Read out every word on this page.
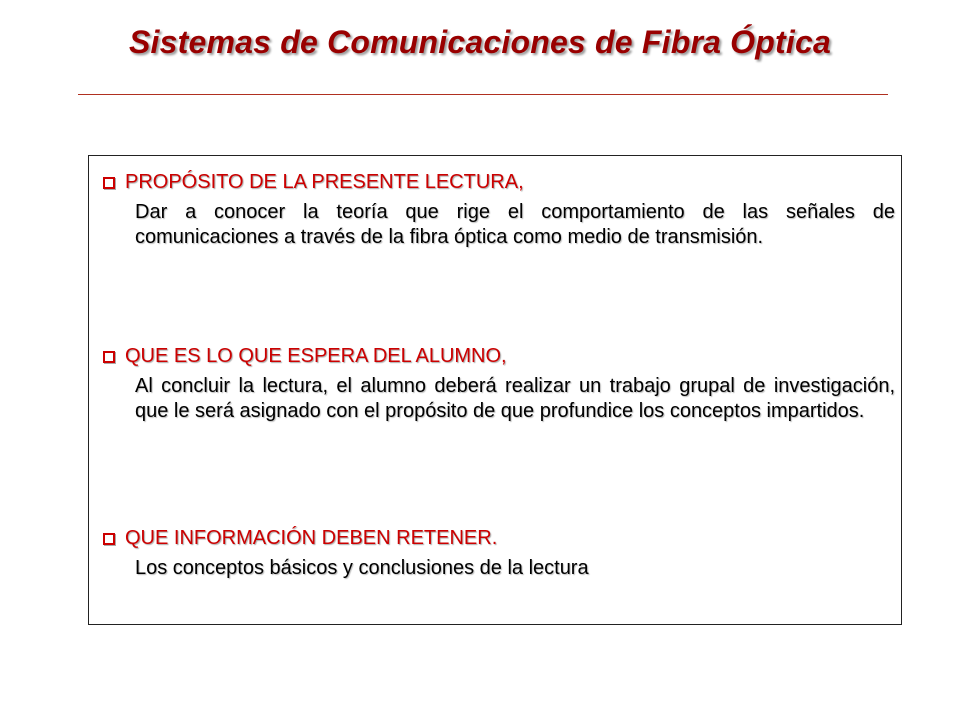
Sistemas de Comunicaciones de Fibra Óptica
PROPÓSITO DE LA PRESENTE LECTURA,
Dar a conocer la teoría que rige el comportamiento de las señales de comunicaciones a través de la fibra óptica como medio de transmisión.
QUE ES LO QUE ESPERA DEL ALUMNO,
Al concluir la lectura, el alumno deberá realizar un trabajo grupal de investigación, que le será asignado con el propósito de que profundice los conceptos impartidos.
QUE INFORMACIÓN DEBEN RETENER.
Los conceptos básicos y conclusiones de la lectura
